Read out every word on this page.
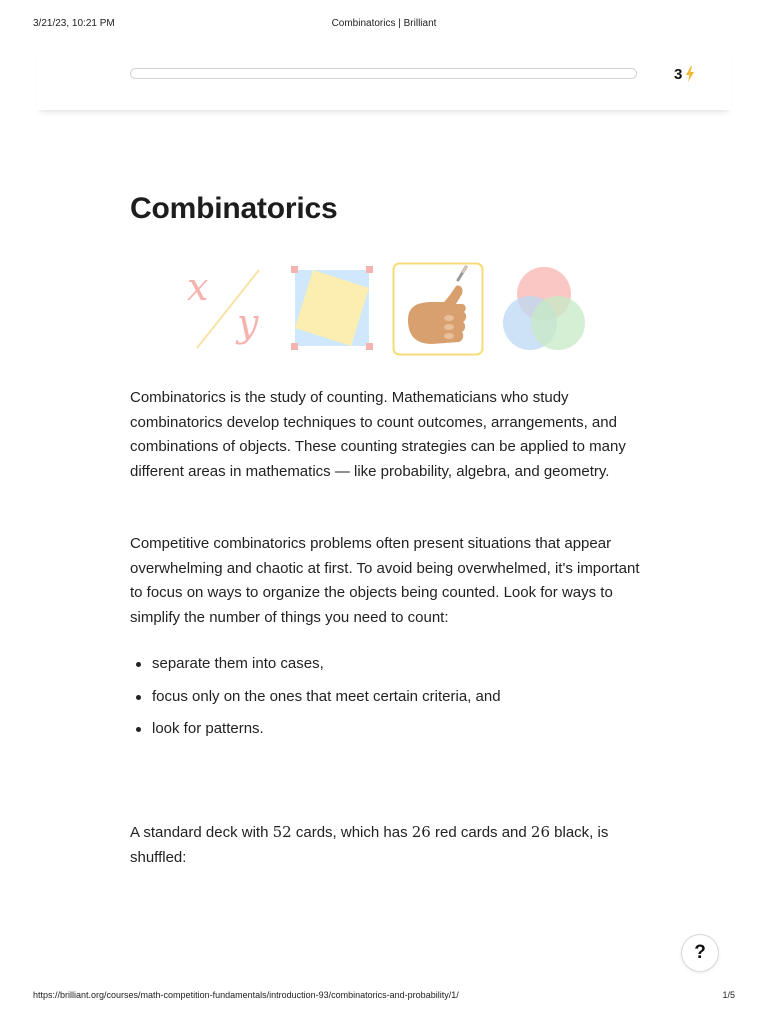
3/21/23, 10:21 PM	Combinatorics | Brilliant
3
Combinatorics
x
y

Combinatorics is the study of counting. Mathematicians who study combinatorics develop techniques to count outcomes, arrangements, and combinations of objects. These counting strategies can be applied to many different areas in mathematics — like probability, algebra, and geometry.

Competitive combinatorics problems often present situations that appear overwhelming and chaotic at first. To avoid being overwhelmed, it's important to focus on ways to organize the objects being counted. Look for ways to simplify the number of things you need to count:

separate them into cases,
focus only on the ones that meet certain criteria, and
look for patterns.

A standard deck with 52 cards, which has 26 red cards and 26 black, is shuffled:

?
https://brilliant.org/courses/math-competition-fundamentals/introduction-93/combinatorics-and-probability/1/	1/5
